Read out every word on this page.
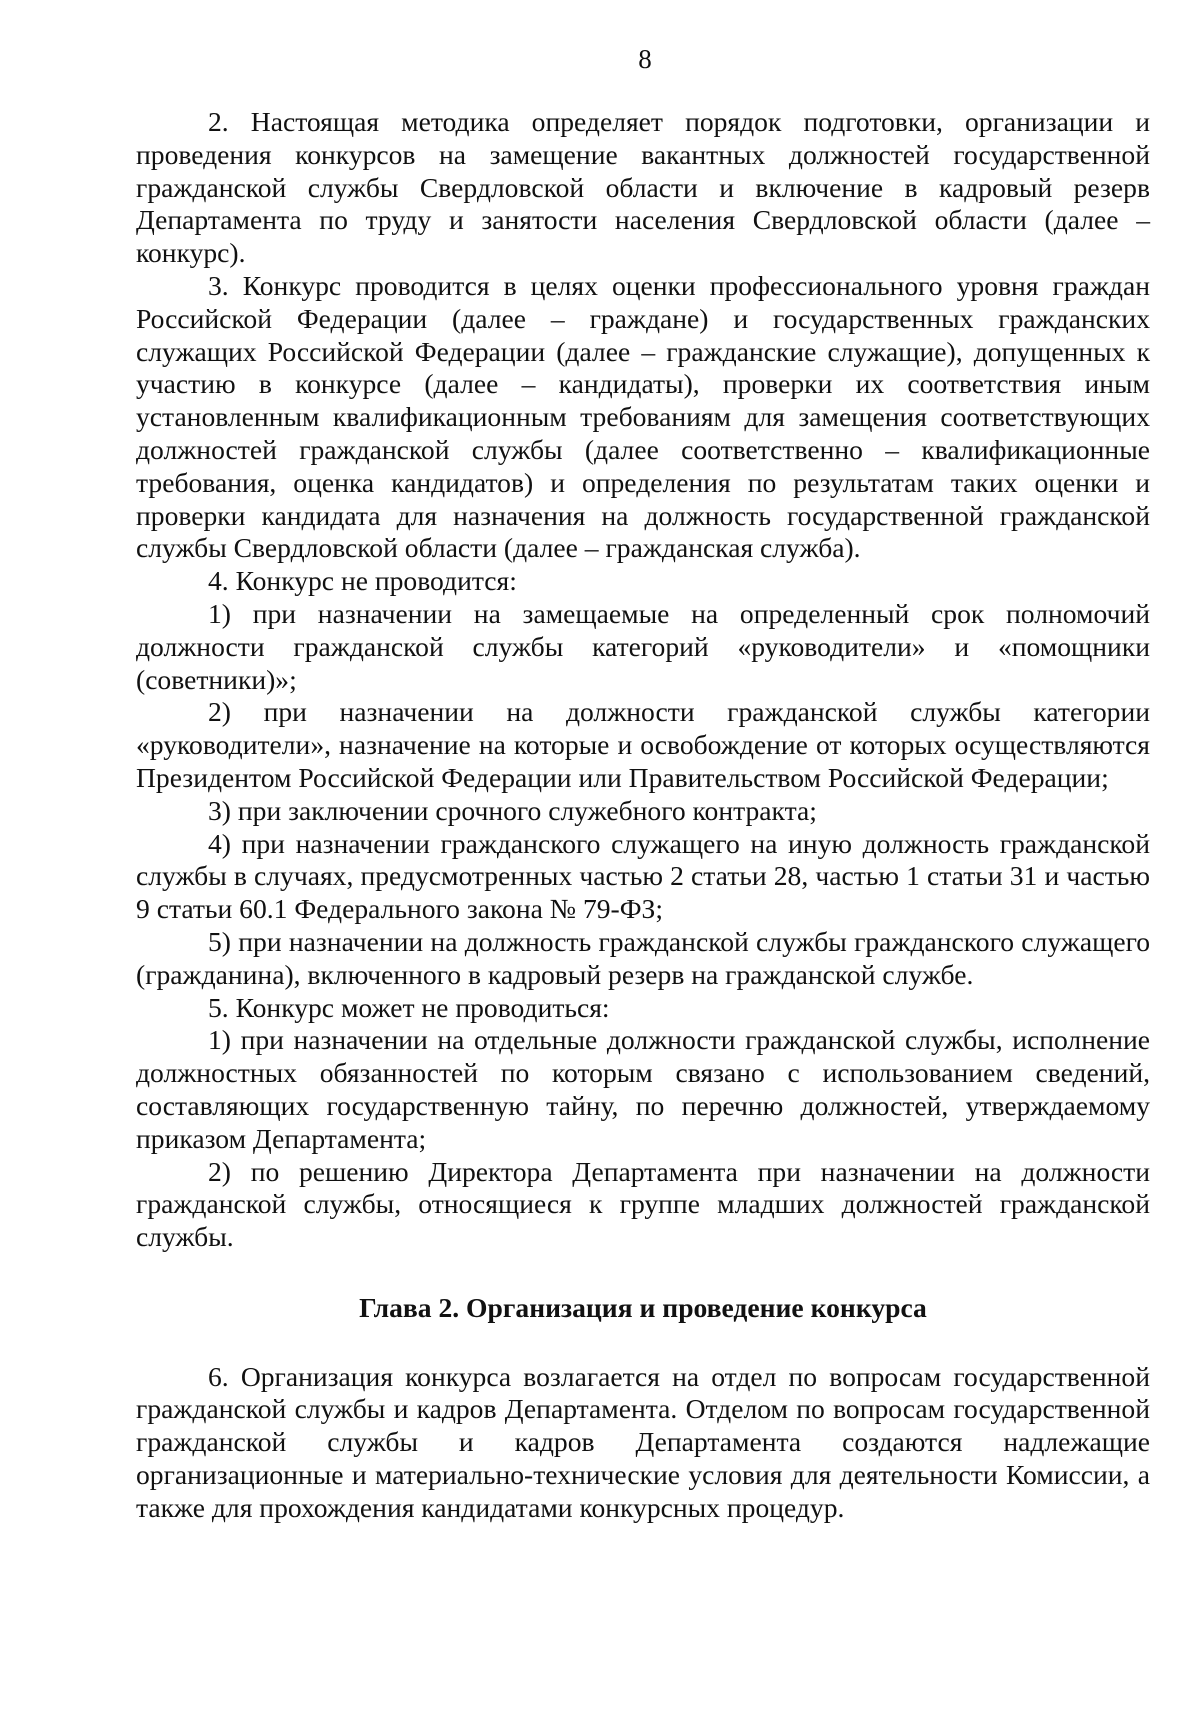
8

2. Настоящая методика определяет порядок подготовки, организации и проведения конкурсов на замещение вакантных должностей государственной гражданской службы Свердловской области и включение в кадровый резерв Департамента по труду и занятости населения Свердловской области (далее – конкурс).

3. Конкурс проводится в целях оценки профессионального уровня граждан Российской Федерации (далее – граждане) и государственных гражданских служащих Российской Федерации (далее – гражданские служащие), допущенных к участию в конкурсе (далее – кандидаты), проверки их соответствия иным установленным квалификационным требованиям для замещения соответствующих должностей гражданской службы (далее соответственно – квалификационные требования, оценка кандидатов) и определения по результатам таких оценки и проверки кандидата для назначения на должность государственной гражданской службы Свердловской области (далее – гражданская служба).

4. Конкурс не проводится:

1) при назначении на замещаемые на определенный срок полномочий должности гражданской службы категорий «руководители» и «помощники (советники)»;

2) при назначении на должности гражданской службы категории «руководители», назначение на которые и освобождение от которых осуществляются Президентом Российской Федерации или Правительством Российской Федерации;

3) при заключении срочного служебного контракта;

4) при назначении гражданского служащего на иную должность гражданской службы в случаях, предусмотренных частью 2 статьи 28, частью 1 статьи 31 и частью 9 статьи 60.1 Федерального закона № 79-ФЗ;

5) при назначении на должность гражданской службы гражданского служащего (гражданина), включенного в кадровый резерв на гражданской службе.

5. Конкурс может не проводиться:

1) при назначении на отдельные должности гражданской службы, исполнение должностных обязанностей по которым связано с использованием сведений, составляющих государственную тайну, по перечню должностей, утверждаемому приказом Департамента;

2) по решению Директора Департамента при назначении на должности гражданской службы, относящиеся к группе младших должностей гражданской службы.

Глава 2. Организация и проведение конкурса

6. Организация конкурса возлагается на отдел по вопросам государственной гражданской службы и кадров Департамента. Отделом по вопросам государственной гражданской службы и кадров Департамента создаются надлежащие организационные и материально-технические условия для деятельности Комиссии, а также для прохождения кандидатами конкурсных процедур.
